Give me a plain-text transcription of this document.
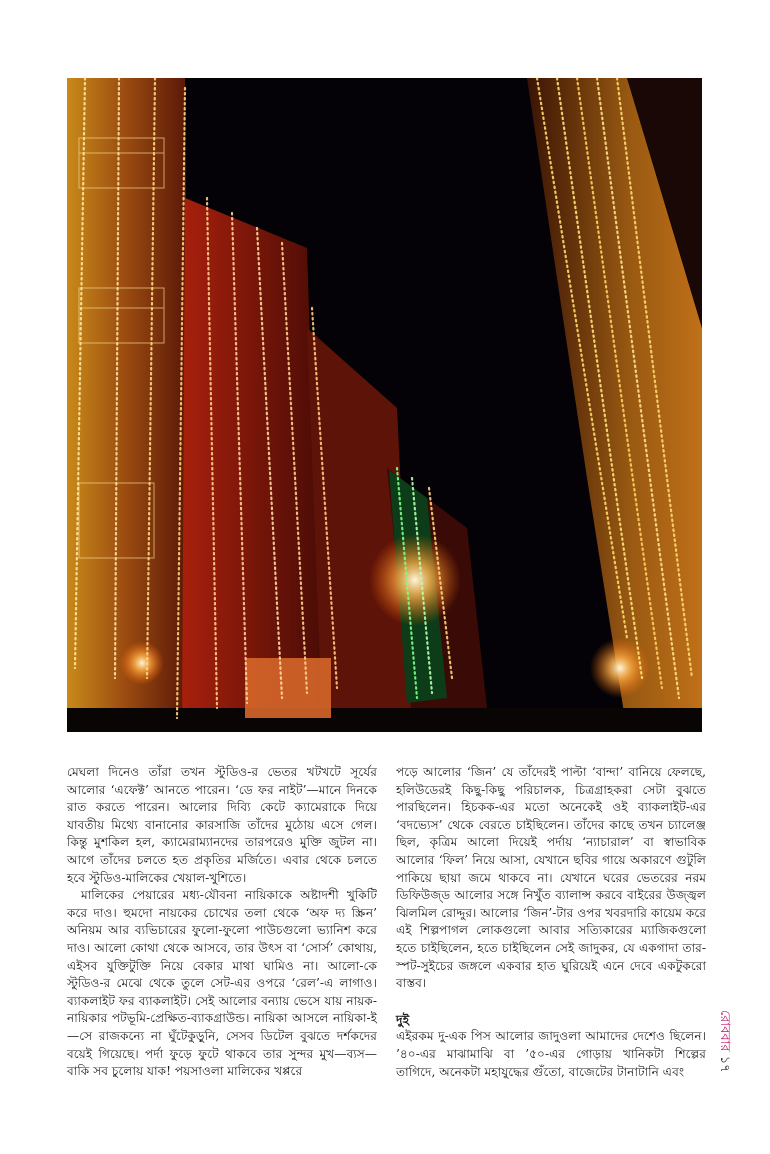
মেঘলা দিনেও তাঁরা তখন স্টুডিও-র ভেতর খটখটে সূর্যের আলোর ‘এফেক্ট’ আনতে পারেন। ‘ডে ফর নাইট’—মানে দিনকে রাত করতে পারেন। আলোর দিব্যি কেটে ক্যামেরাকে দিয়ে যাবতীয় মিথ্যে বানানোর কারসাজি তাঁদের মুঠোয় এসে গেল। কিন্তু মুশকিল হল, ক্যামেরাম্যানদের তারপরেও মুক্তি জুটল না। আগে তাঁদের চলতে হত প্রকৃতির মর্জিতে। এবার থেকে চলতে হবে স্টুডিও-মালিকের খেয়াল-খুশিতে।

মালিকের পেয়ারের মধ্য-যৌবনা নায়িকাকে অষ্টাদশী খুকিটি করে দাও। হুমদো নায়কের চোখের তলা থেকে ‘অফ দ্য স্ক্রিন’ অনিয়ম আর ব্যভিচারের ফুলো-ফুলো পাউচগুলো ভ্যানিশ করে দাও। আলো কোথা থেকে আসবে, তার উৎস বা ‘সোর্স’ কোথায়, এইসব যুক্তিটুক্তি নিয়ে বেকার মাথা ঘামিও না। আলো-কে স্টুডিও-র মেঝে থেকে তুলে সেট-এর ওপরে ‘রেল’-এ লাগাও। ব্যাকলাইট ফর ব্যাকলাইট। সেই আলোর বন্যায় ভেসে যায় নায়ক-নায়িকার পটভূমি-প্রেক্ষিত-ব্যাকগ্রাউন্ড। নায়িকা আসলে নায়িকা-ই—সে রাজকন্যে না ঘুঁটেকুড়ুনি, সেসব ডিটেল বুঝতে দর্শকদের বয়েই গিয়েছে। পর্দা ফুড়ে ফুটে থাকবে তার সুন্দর মুখ—ব্যস—বাকি সব চুলোয় যাক! পয়সাওলা মালিকের খপ্পরে

পড়ে আলোর ‘জিন’ যে তাঁদেরই পাল্টা ‘বান্দা’ বানিয়ে ফেলছে, হলিউডেরই কিছু-কিছু পরিচালক, চিত্রগ্রাহকরা সেটা বুঝতে পারছিলেন। হিচকক-এর মতো অনেকেই ওই ব্যাকলাইট-এর ‘বদভ্যেস’ থেকে বেরতে চাইছিলেন। তাঁদের কাছে তখন চ্যালেঞ্জ ছিল, কৃত্রিম আলো দিয়েই পর্দায় ‘ন্যাচারাল’ বা স্বাভাবিক আলোর ‘ফিল’ নিয়ে আসা, যেখানে ছবির গায়ে অকারণে গুটুলি পাকিয়ে ছায়া জমে থাকবে না। যেখানে ঘরের ভেতরের নরম ডিফিউজ্‌ড আলোর সঙ্গে নিখুঁত ব্যালান্স করবে বাইরের উজ্জ্বল ঝিলমিল রোদ্দুর। আলোর ‘জিন’-টার ওপর খবরদারি কায়েম করে এই শিল্পপাগল লোকগুলো আবার সত্যিকারের ম্যাজিকগুলো হতে চাইছিলেন, হতে চাইছিলেন সেই জাদুকর, যে একগাদা তার-স্পট-সুইচের জঙ্গলে একবার হাত ঘুরিয়েই এনে দেবে একটুকরো বাস্তব।

দুই

এইরকম দু-এক পিস আলোর জাদুওলা আমাদের দেশেও ছিলেন। ’৪০-এর মাঝামাঝি বা ’৫০-এর গোড়ায় খানিকটা শিল্পের তাগিদে, অনেকটা মহাযুদ্ধের গুঁতো, বাজেটের টানাটানি এবং

রোববার ১৭
